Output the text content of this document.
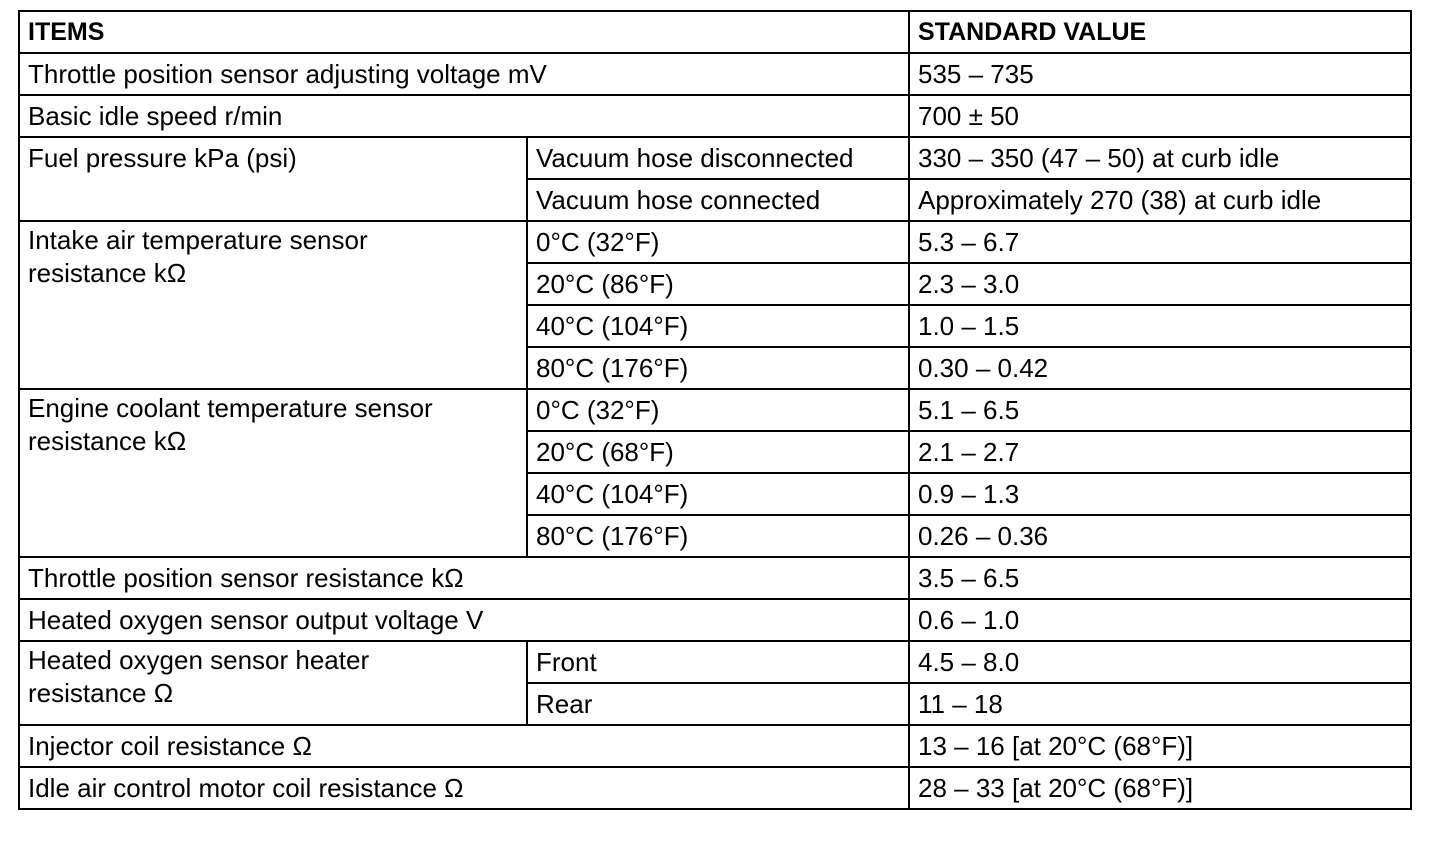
ITEMS		STANDARD VALUE
Throttle position sensor adjusting voltage mV		535 – 735
Basic idle speed r/min		700 ± 50
Fuel pressure kPa (psi)	Vacuum hose disconnected	330 – 350 (47 – 50) at curb idle
	Vacuum hose connected	Approximately 270 (38) at curb idle

Intake air temperature sensor
resistance kΩ	0°C (32°F)	5.3 – 6.7
	20°C (86°F)	2.3 – 3.0
	40°C (104°F)	1.0 – 1.5
	80°C (176°F)	0.30 – 0.42

Engine coolant temperature sensor
resistance kΩ	0°C (32°F)	5.1 – 6.5
	20°C (68°F)	2.1 – 2.7
	40°C (104°F)	0.9 – 1.3
	80°C (176°F)	0.26 – 0.36
Throttle position sensor resistance kΩ		3.5 – 6.5
Heated oxygen sensor output voltage V		0.6 – 1.0

Heated oxygen sensor heater
resistance Ω	Front	4.5 – 8.0
	Rear	11 – 18
Injector coil resistance Ω		13 – 16 [at 20°C (68°F)]
Idle air control motor coil resistance Ω		28 – 33 [at 20°C (68°F)]
